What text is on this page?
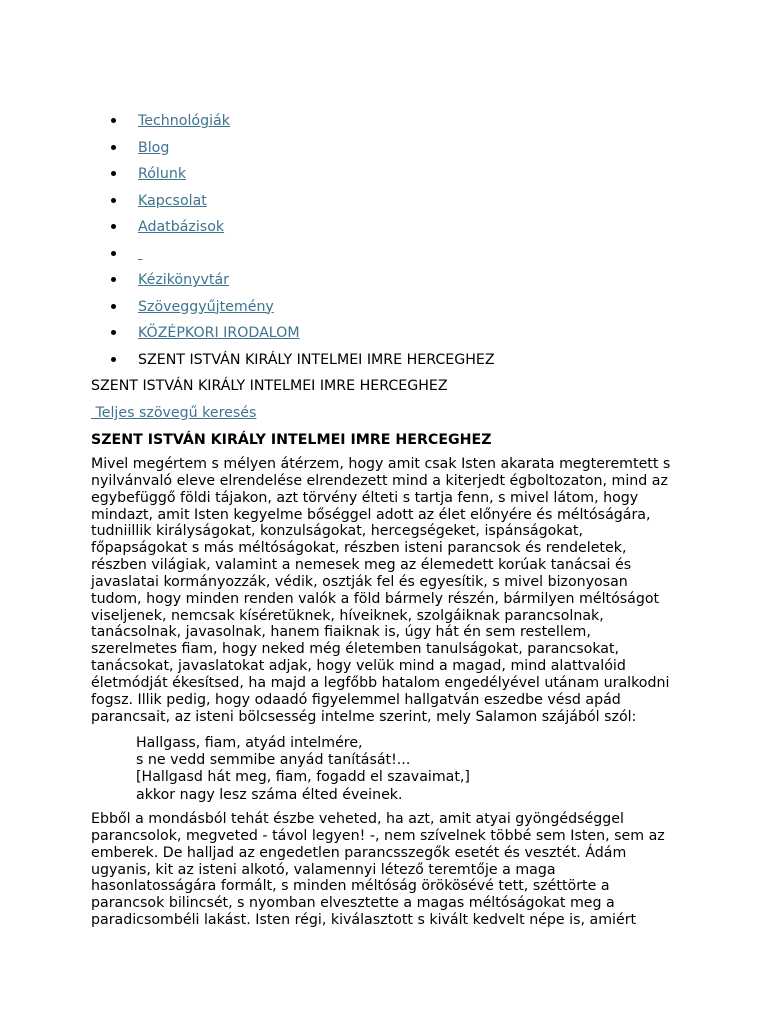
Technológiák
Blog
Rólunk
Kapcsolat
Adatbázisok

Kézikönyvtár
Szöveggyűjtemény
KÖZÉPKORI IRODALOM
SZENT ISTVÁN KIRÁLY INTELMEI IMRE HERCEGHEZ
SZENT ISTVÁN KIRÁLY INTELMEI IMRE HERCEGHEZ
Teljes szövegű keresés
SZENT ISTVÁN KIRÁLY INTELMEI IMRE HERCEGHEZ
Mivel megértem s mélyen átérzem, hogy amit csak Isten akarata megteremtett s
nyilvánvaló eleve elrendelése elrendezett mind a kiterjedt égboltozaton, mind az
egybefüggő földi tájakon, azt törvény élteti s tartja fenn, s mivel látom, hogy
mindazt, amit Isten kegyelme bőséggel adott az élet előnyére és méltóságára,
tudniillik királyságokat, konzulságokat, hercegségeket, ispánságokat,
főpapságokat s más méltóságokat, részben isteni parancsok és rendeletek,
részben világiak, valamint a nemesek meg az élemedett korúak tanácsai és
javaslatai kormányozzák, védik, osztják fel és egyesítik, s mivel bizonyosan
tudom, hogy minden renden valók a föld bármely részén, bármilyen méltóságot
viseljenek, nemcsak kíséretüknek, híveiknek, szolgáiknak parancsolnak,
tanácsolnak, javasolnak, hanem fiaiknak is, úgy hát én sem restellem,
szerelmetes fiam, hogy neked még életemben tanulságokat, parancsokat,
tanácsokat, javaslatokat adjak, hogy velük mind a magad, mind alattvalóid
életmódját ékesítsed, ha majd a legfőbb hatalom engedélyével utánam uralkodni
fogsz. Illik pedig, hogy odaadó figyelemmel hallgatván eszedbe vésd apád
parancsait, az isteni bölcsesség intelme szerint, mely Salamon szájából szól:
Hallgass, fiam, atyád intelmére,
s ne vedd semmibe anyád tanítását!...
[Hallgasd hát meg, fiam, fogadd el szavaimat,]
akkor nagy lesz száma élted éveinek.
Ebből a mondásból tehát észbe veheted, ha azt, amit atyai gyöngédséggel
parancsolok, megveted - távol legyen! -, nem szívelnek többé sem Isten, sem az
emberek. De halljad az engedetlen parancsszegők esetét és vesztét. Ádám
ugyanis, kit az isteni alkotó, valamennyi létező teremtője a maga
hasonlatosságára formált, s minden méltóság örökösévé tett, széttörte a
parancsok bilincsét, s nyomban elvesztette a magas méltóságokat meg a
paradicsombéli lakást. Isten régi, kiválasztott s kivált kedvelt népe is, amiért
